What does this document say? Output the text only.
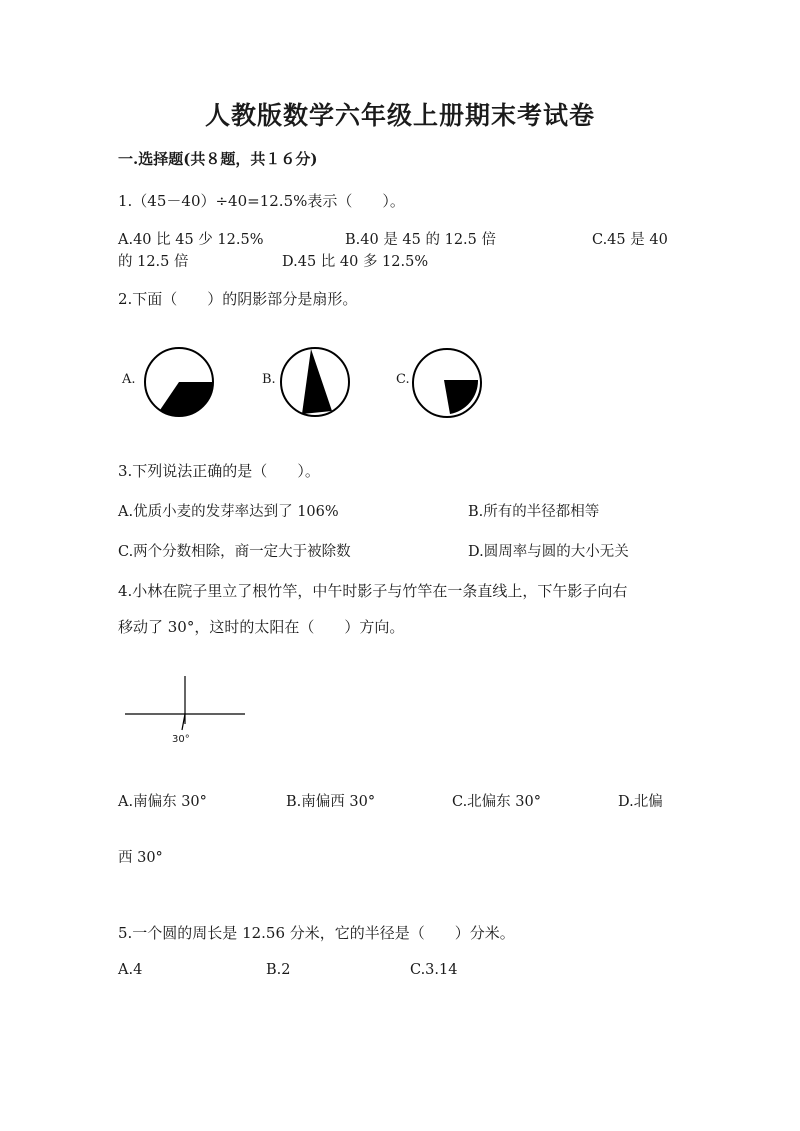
人教版数学六年级上册期末考试卷
一.选择题(共８题，共１６分)
1.（45－40）÷40=12.5%表示（　　）。
A.40 比 45 少 12.5%	B.40 是 45 的 12.5 倍	C.45 是 40
的 12.5 倍	D.45 比 40 多 12.5%
2.下面（　　）的阴影部分是扇形。
A.	B.	C.
3.下列说法正确的是（　　）。
A.优质小麦的发芽率达到了 106%	B.所有的半径都相等
C.两个分数相除，商一定大于被除数	D.圆周率与圆的大小无关
4.小林在院子里立了根竹竿，中午时影子与竹竿在一条直线上，下午影子向右
移动了 30°，这时的太阳在（　　）方向。
30°
A.南偏东 30°	B.南偏西 30°	C.北偏东 30°	D.北偏
西 30°
5.一个圆的周长是 12.56 分米，它的半径是（　　）分米。
A.4	B.2	C.3.14
